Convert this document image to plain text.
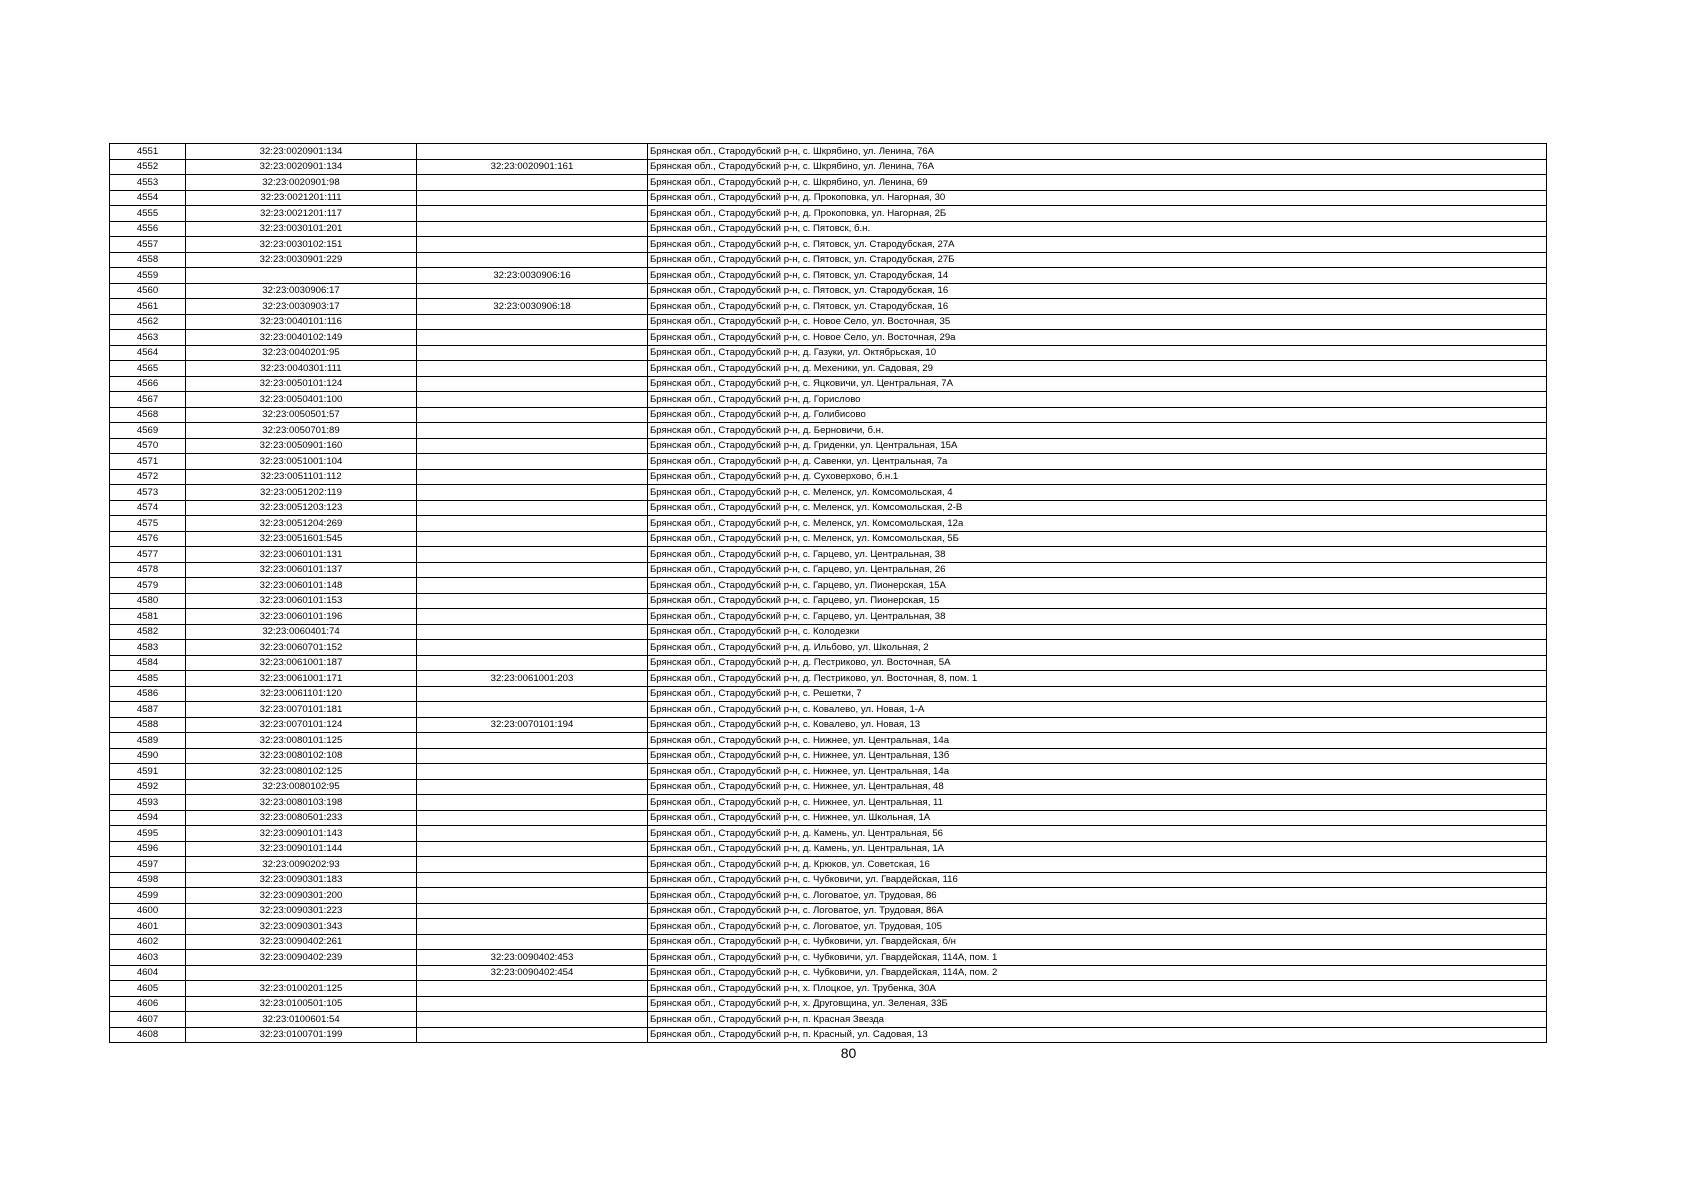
4551	32:23:0020901:134		Брянская обл., Стародубский р-н, с. Шкрябино, ул. Ленина, 76А
4552	32:23:0020901:134	32:23:0020901:161	Брянская обл., Стародубский р-н, с. Шкрябино, ул. Ленина, 76А
4553	32:23:0020901:98		Брянская обл., Стародубский р-н, с. Шкрябино, ул. Ленина, 69
4554	32:23:0021201:111		Брянская обл., Стародубский р-н, д. Прокоповка, ул. Нагорная, 30
4555	32:23:0021201:117		Брянская обл., Стародубский р-н, д. Прокоповка, ул. Нагорная, 2Б
4556	32:23:0030101:201		Брянская обл., Стародубский р-н, с. Пятовск, б.н.
4557	32:23:0030102:151		Брянская обл., Стародубский р-н, с. Пятовск, ул. Стародубская, 27А
4558	32:23:0030901:229		Брянская обл., Стародубский р-н, с. Пятовск, ул. Стародубская, 27Б
4559		32:23:0030906:16	Брянская обл., Стародубский р-н, с. Пятовск, ул. Стародубская, 14
4560	32:23:0030906:17		Брянская обл., Стародубский р-н, с. Пятовск, ул. Стародубская, 16
4561	32:23:0030903:17	32:23:0030906:18	Брянская обл., Стародубский р-н, с. Пятовск, ул. Стародубская, 16
4562	32:23:0040101:116		Брянская обл., Стародубский р-н, с. Новое Село, ул. Восточная, 35
4563	32:23:0040102:149		Брянская обл., Стародубский р-н, с. Новое Село, ул. Восточная, 29а
4564	32:23:0040201:95		Брянская обл., Стародубский р-н, д. Газуки, ул. Октябрьская, 10
4565	32:23:0040301:111		Брянская обл., Стародубский р-н, д. Мехеники, ул. Садовая, 29
4566	32:23:0050101:124		Брянская обл., Стародубский р-н, с. Яцковичи, ул. Центральная, 7А
4567	32:23:0050401:100		Брянская обл., Стародубский р-н, д. Горислово
4568	32:23:0050501:57		Брянская обл., Стародубский р-н, д. Голибисово
4569	32:23:0050701:89		Брянская обл., Стародубский р-н, д. Берновичи, б.н.
4570	32:23:0050901:160		Брянская обл., Стародубский р-н, д. Гриденки, ул. Центральная, 15А
4571	32:23:0051001:104		Брянская обл., Стародубский р-н, д. Савенки, ул. Центральная, 7а
4572	32:23:0051101:112		Брянская обл., Стародубский р-н, д. Суховерхово, б.н.1
4573	32:23:0051202:119		Брянская обл., Стародубский р-н, с. Меленск, ул. Комсомольская, 4
4574	32:23:0051203:123		Брянская обл., Стародубский р-н, с. Меленск, ул. Комсомольская, 2-В
4575	32:23:0051204:269		Брянская обл., Стародубский р-н, с. Меленск, ул. Комсомольская, 12а
4576	32:23:0051601:545		Брянская обл., Стародубский р-н, с. Меленск, ул. Комсомольская, 5Б
4577	32:23:0060101:131		Брянская обл., Стародубский р-н, с. Гарцево, ул. Центральная, 38
4578	32:23:0060101:137		Брянская обл., Стародубский р-н, с. Гарцево, ул. Центральная, 26
4579	32:23:0060101:148		Брянская обл., Стародубский р-н, с. Гарцево, ул. Пионерская, 15А
4580	32:23:0060101:153		Брянская обл., Стародубский р-н, с. Гарцево, ул. Пионерская, 15
4581	32:23:0060101:196		Брянская обл., Стародубский р-н, с. Гарцево, ул. Центральная, 38
4582	32:23:0060401:74		Брянская обл., Стародубский р-н, с. Колодезки
4583	32:23:0060701:152		Брянская обл., Стародубский р-н, д. Ильбово, ул. Школьная, 2
4584	32:23:0061001:187		Брянская обл., Стародубский р-н, д. Пестриково, ул. Восточная, 5А
4585	32:23:0061001:171	32:23:0061001:203	Брянская обл., Стародубский р-н, д. Пестриково, ул. Восточная, 8, пом. 1
4586	32:23:0061101:120		Брянская обл., Стародубский р-н, с. Решетки, 7
4587	32:23:0070101:181		Брянская обл., Стародубский р-н, с. Ковалево, ул. Новая, 1-А
4588	32:23:0070101:124	32:23:0070101:194	Брянская обл., Стародубский р-н, с. Ковалево, ул. Новая, 13
4589	32:23:0080101:125		Брянская обл., Стародубский р-н, с. Нижнее, ул. Центральная, 14а
4590	32:23:0080102:108		Брянская обл., Стародубский р-н, с. Нижнее, ул. Центральная, 13б
4591	32:23:0080102:125		Брянская обл., Стародубский р-н, с. Нижнее, ул. Центральная, 14а
4592	32:23:0080102:95		Брянская обл., Стародубский р-н, с. Нижнее, ул. Центральная, 48
4593	32:23:0080103:198		Брянская обл., Стародубский р-н, с. Нижнее, ул. Центральная, 11
4594	32:23:0080501:233		Брянская обл., Стародубский р-н, с. Нижнее, ул. Школьная, 1А
4595	32:23:0090101:143		Брянская обл., Стародубский р-н, д. Камень, ул. Центральная, 56
4596	32:23:0090101:144		Брянская обл., Стародубский р-н, д. Камень, ул. Центральная, 1А
4597	32:23:0090202:93		Брянская обл., Стародубский р-н, д. Крюков, ул. Советская, 16
4598	32:23:0090301:183		Брянская обл., Стародубский р-н, с. Чубковичи, ул. Гвардейская, 116
4599	32:23:0090301:200		Брянская обл., Стародубский р-н, с. Логоватое, ул. Трудовая, 86
4600	32:23:0090301:223		Брянская обл., Стародубский р-н, с. Логоватое, ул. Трудовая, 86А
4601	32:23:0090301:343		Брянская обл., Стародубский р-н, с. Логоватое, ул. Трудовая, 105
4602	32:23:0090402:261		Брянская обл., Стародубский р-н, с. Чубковичи, ул. Гвардейская, б/н
4603	32:23:0090402:239	32:23:0090402:453	Брянская обл., Стародубский р-н, с. Чубковичи, ул. Гвардейская, 114А, пом. 1
4604		32:23:0090402:454	Брянская обл., Стародубский р-н, с. Чубковичи, ул. Гвардейская, 114А, пом. 2
4605	32:23:0100201:125		Брянская обл., Стародубский р-н, х. Плоцкое, ул. Трубенка, 30А
4606	32:23:0100501:105		Брянская обл., Стародубский р-н, х. Друговщина, ул. Зеленая, 33Б
4607	32:23:0100601:54		Брянская обл., Стародубский р-н, п. Красная Звезда
4608	32:23:0100701:199		Брянская обл., Стародубский р-н, п. Красный, ул. Садовая, 13
80
